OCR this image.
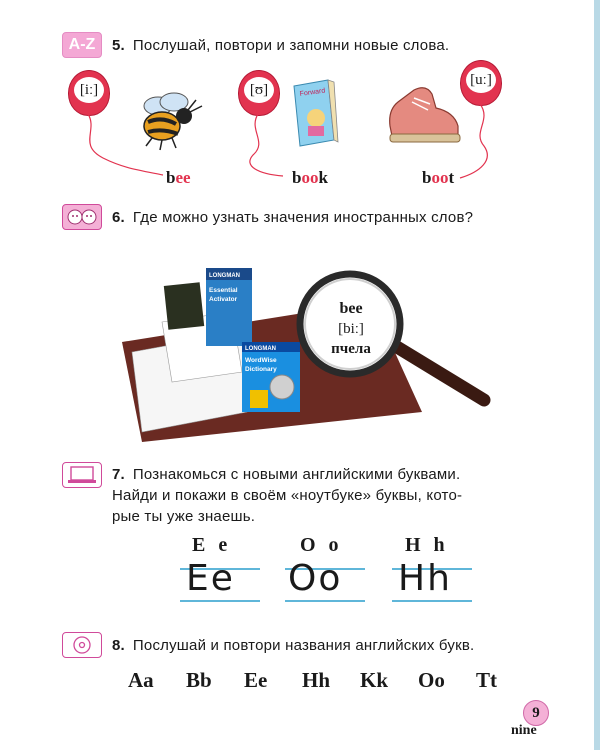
A-Z	5. Послушай, повтори и запомни новые слова.
[iː]
bee
[ʊ]	Forward
book
[uː]
boot
6. Где можно узнать значения иностранных слов?
LONGMAN
Essential
Activator
LONGMAN
WordWise
Dictionary
bee
[biː]
пчела
7. Познакомься с новыми английскими буквами.
Найди и покажи в своём «ноутбуке» буквы, кото-
рые ты уже знаешь.
E e	O o	H h
Ee Oo Hh
8. Послушай и повтори названия английских букв.
Aa	Bb	Ee	Hh	Kk	Oo	Tt
9
nine
